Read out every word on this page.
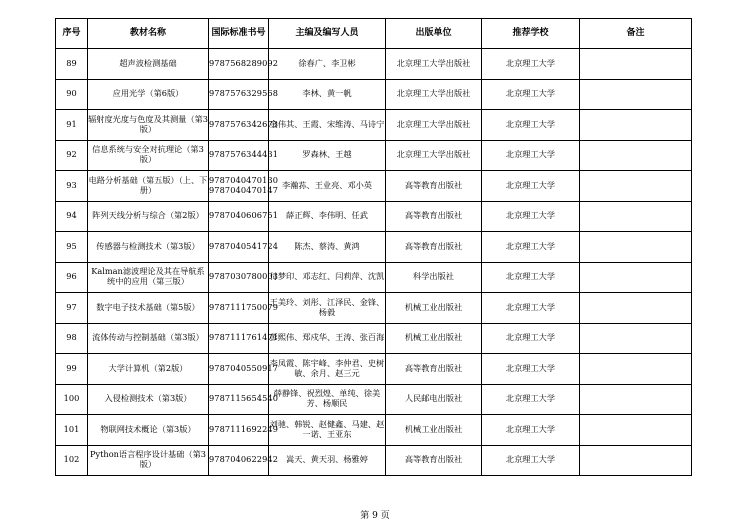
序号	教材名称	国际标准书号	主编及编写人员	出版单位	推荐学校	备注
89	超声波检测基础	9787568289092	徐春广、李卫彬	北京理工大学出版社	北京理工大学	
90	应用光学（第6版）	9787576329568	李林、黄一帆	北京理工大学出版社	北京理工大学	
91	辐射度光度与色度及其测量（第3版）	9787576342673	金伟其、王霞、宋维涛、马诗宁	北京理工大学出版社	北京理工大学	
92	信息系统与安全对抗理论（第3版）	9787576344431	罗森林、王越	北京理工大学出版社	北京理工大学	
93	电路分析基础（第五版）（上、下册）	9787040470130 9787040470147	李瀚荪、王业亮、邓小英	高等教育出版社	北京理工大学	
94	阵列天线分析与综合（第2版）	9787040606751	薛正辉、李伟明、任武	高等教育出版社	北京理工大学	
95	传感器与检测技术（第3版）	9787040541724	陈杰、蔡涛、黄鸿	高等教育出版社	北京理工大学	
96	Kalman滤波理论及其在导航系统中的应用（第三版）	9787030780003	付梦印、邓志红、闫莉萍、沈凯	科学出版社	北京理工大学	
97	数字电子技术基础（第5版）	9787111750079	王美玲、刘彤、江泽民、金锋、杨毅	机械工业出版社	北京理工大学	
98	流体传动与控制基础（第3版）	9787111761471	彭熙伟、郑戍华、王涛、张百海	机械工业出版社	北京理工大学	
99	大学计算机（第2版）	9787040550917	李凤霞、陈宇峰、李仲君、史树敏、余月、赵三元	高等教育出版社	北京理工大学	
100	入侵检测技术（第3版）	9787115654540	薛静锋、祝烈煌、单纯、徐美芳、杨顺民	人民邮电出版社	北京理工大学	
101	物联网技术概论（第3版）	9787111692249	刘驰、韩锐、赵健鑫、马建、赵一诺、王亚东	机械工业出版社	北京理工大学	
102	Python语言程序设计基础（第3版）	9787040622942	嵩天、黄天羽、杨雅婷	高等教育出版社	北京理工大学	
第 9 页
